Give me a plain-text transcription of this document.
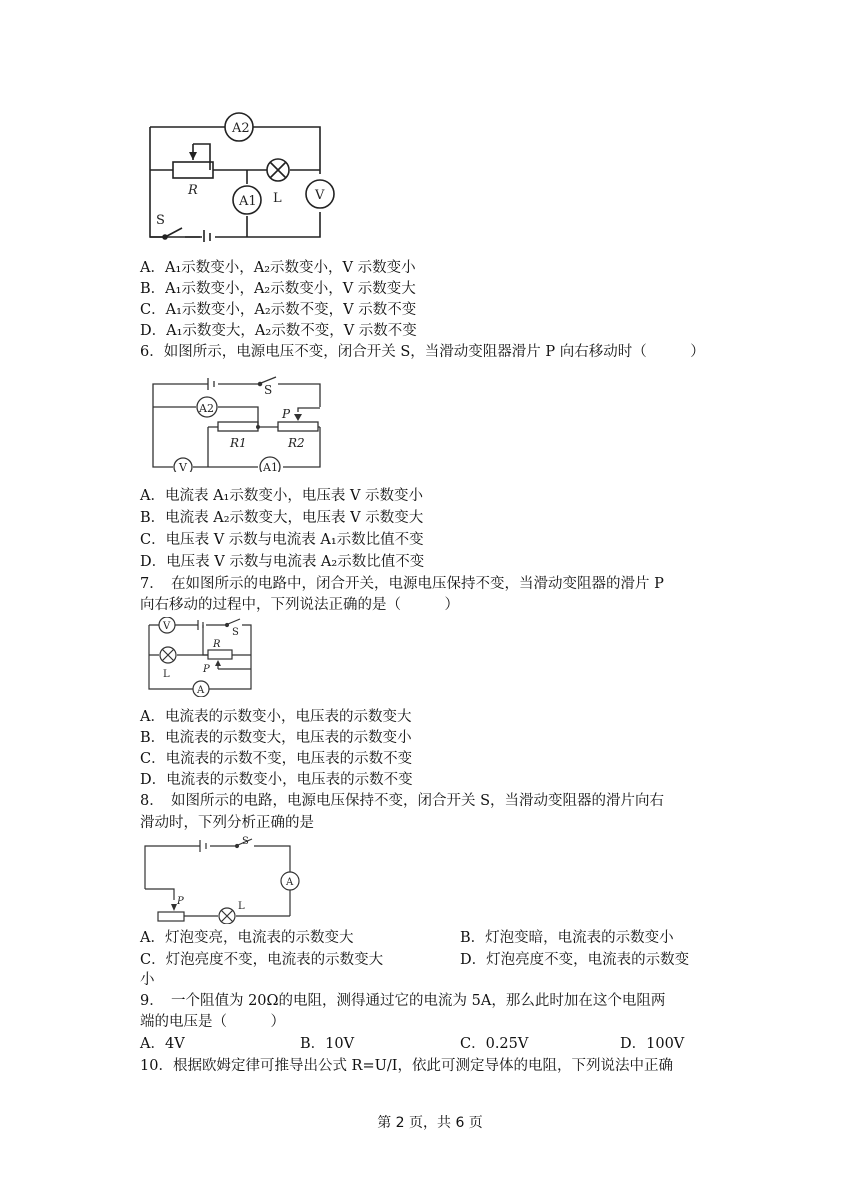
A2
R
A1 L	V
S
A．A₁示数变小，A₂示数变小，V 示数变小
B．A₁示数变小，A₂示数变小，V 示数变大
C．A₁示数变小，A₂示数不变，V 示数不变
D．A₁示数变大，A₂示数不变，V 示数不变
6．如图所示，电源电压不变，闭合开关 S，当滑动变阻器滑片 P 向右移动时（　　　）
S
A2	P
R1	R2
V	A1
A．电流表 A₁示数变小，电压表 V 示数变小
B．电流表 A₂示数变大，电压表 V 示数变大
C．电压表 V 示数与电流表 A₁示数比值不变
D．电压表 V 示数与电流表 A₂示数比值不变
7．　在如图所示的电路中，闭合开关，电源电压保持不变，当滑动变阻器的滑片 P
向右移动的过程中，下列说法正确的是（　　　）
V
S
R
P
L
A
A．电流表的示数变小，电压表的示数变大
B．电流表的示数变大，电压表的示数变小
C．电流表的示数不变，电压表的示数不变
D．电流表的示数变小，电压表的示数不变
8．　如图所示的电路，电源电压保持不变，闭合开关 S，当滑动变阻器的滑片向右
滑动时，下列分析正确的是
S
A
P	L
A．灯泡变亮，电流表的示数变大	B．灯泡变暗，电流表的示数变小
C．灯泡亮度不变，电流表的示数变大	D．灯泡亮度不变，电流表的示数变
小
9．　一个阻值为 20Ω的电阻，测得通过它的电流为 5A，那么此时加在这个电阻两
端的电压是（　　　）
A．4V	B．10V	C．0.25V	D．100V
10．根据欧姆定律可推导出公式 R=U/I，依此可测定导体的电阻，下列说法中正确
第 2 页，共 6 页
